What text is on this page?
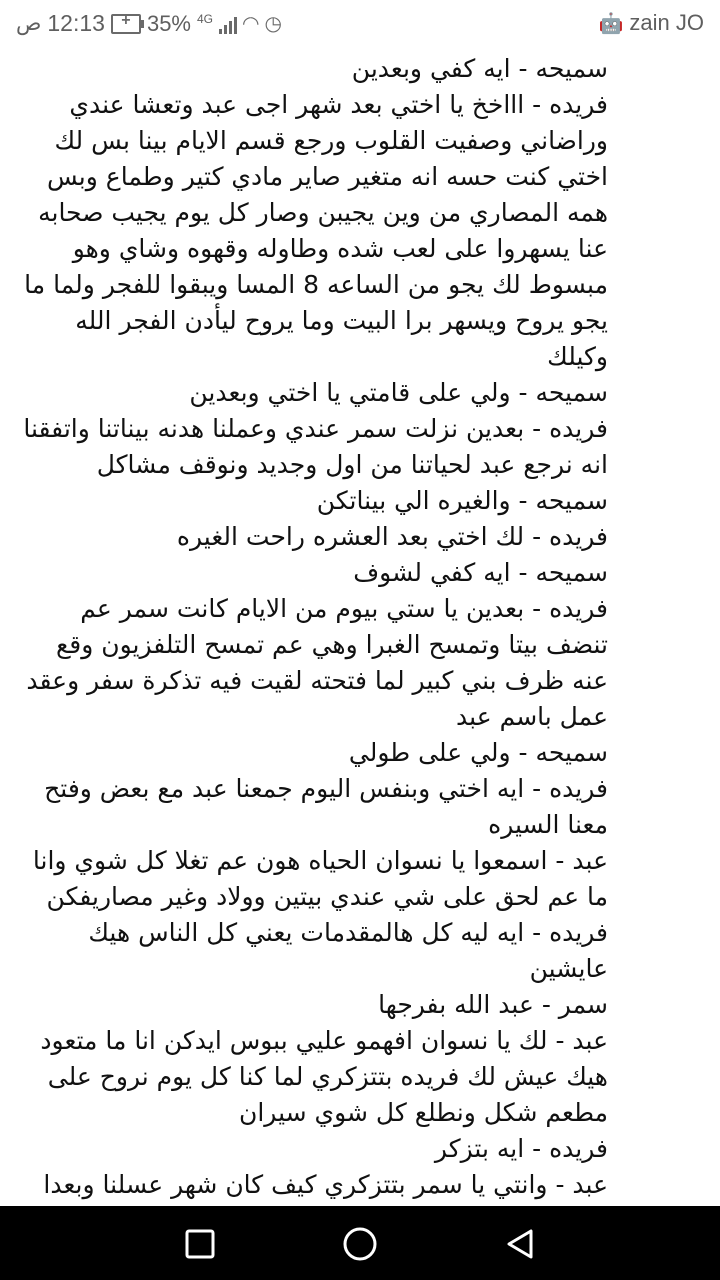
ص 12:13	+ 35% 4G ◜◝ ◷	🤖 zain JO

سميحه - ايه كفي وبعدين

فريده - اااخخ يا اختي بعد شهر اجى عبد وتعشا عندي وراضاني وصفيت القلوب ورجع قسم الايام بينا بس لك اختي كنت حسه انه متغير صاير مادي كتير وطماع وبس همه المصاري من وين يجيبن وصار كل يوم يجيب صحابه عنا يسهروا على لعب شده وطاوله وقهوه وشاي وهو مبسوط لك يجو من الساعه 8 المسا ويبقوا للفجر ولما ما يجو يروح ويسهر برا البيت وما يروح ليأدن الفجر الله وكيلك

سميحه - ولي على قامتي يا اختي وبعدين

فريده - بعدين نزلت سمر عندي وعملنا هدنه بيناتنا واتفقنا انه نرجع عبد لحياتنا من اول وجديد ونوقف مشاكل

سميحه - والغيره الي بيناتكن

فريده - لك اختي بعد العشره راحت الغيره

سميحه - ايه كفي لشوف

فريده - بعدين يا ستي بيوم من الايام كانت سمر عم تنضف بيتا وتمسح الغبرا وهي عم تمسح التلفزيون وقع عنه ظرف بني كبير لما فتحته لقيت فيه تذكرة سفر وعقد عمل باسم عبد

سميحه - ولي على طولي

فريده - ايه اختي وبنفس اليوم جمعنا عبد مع بعض وفتح معنا السيره

عبد - اسمعوا يا نسوان الحياه هون عم تغلا كل شوي وانا ما عم لحق على شي عندي بيتين وولاد وغير مصاريفكن

فريده - ايه ليه كل هالمقدمات يعني كل الناس هيك عايشين

سمر - عبد الله بفرجها

عبد - لك يا نسوان افهمو عليي ببوس ايدكن انا ما متعود هيك عيش لك فريده بتتزكري لما كنا كل يوم نروح على مطعم شكل ونطلع كل شوي سيران

فريده - ايه بتزكر

عبد - وانتي يا سمر بتتزكري كيف كان شهر عسلنا وبعدا
